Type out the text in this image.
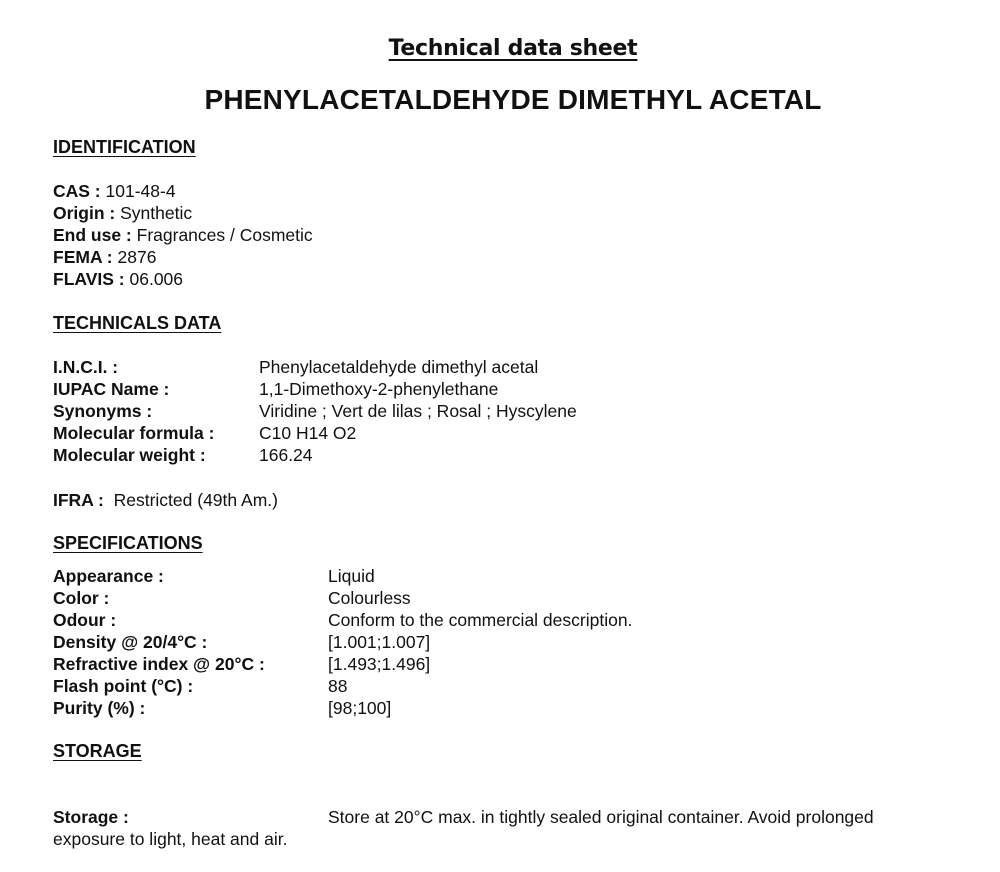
Technical data sheet
PHENYLACETALDEHYDE DIMETHYL ACETAL
IDENTIFICATION
CAS : 101-48-4
Origin : Synthetic
End use : Fragrances / Cosmetic
FEMA : 2876
FLAVIS : 06.006
TECHNICALS DATA
I.N.C.I. :	Phenylacetaldehyde dimethyl acetal
IUPAC Name :	1,1-Dimethoxy-2-phenylethane
Synonyms :	Viridine ; Vert de lilas ; Rosal ; Hyscylene
Molecular formula :	C10 H14 O2
Molecular weight :	166.24
IFRA : Restricted (49th Am.)
SPECIFICATIONS
Appearance :	Liquid
Color :	Colourless
Odour :	Conform to the commercial description.
Density @ 20/4°C :	[1.001;1.007]
Refractive index @ 20°C :	[1.493;1.496]
Flash point (°C) :	88
Purity (%) :	[98;100]
STORAGE
Storage :	Store at 20°C max. in tightly sealed original container. Avoid prolonged
exposure to light, heat and air.
